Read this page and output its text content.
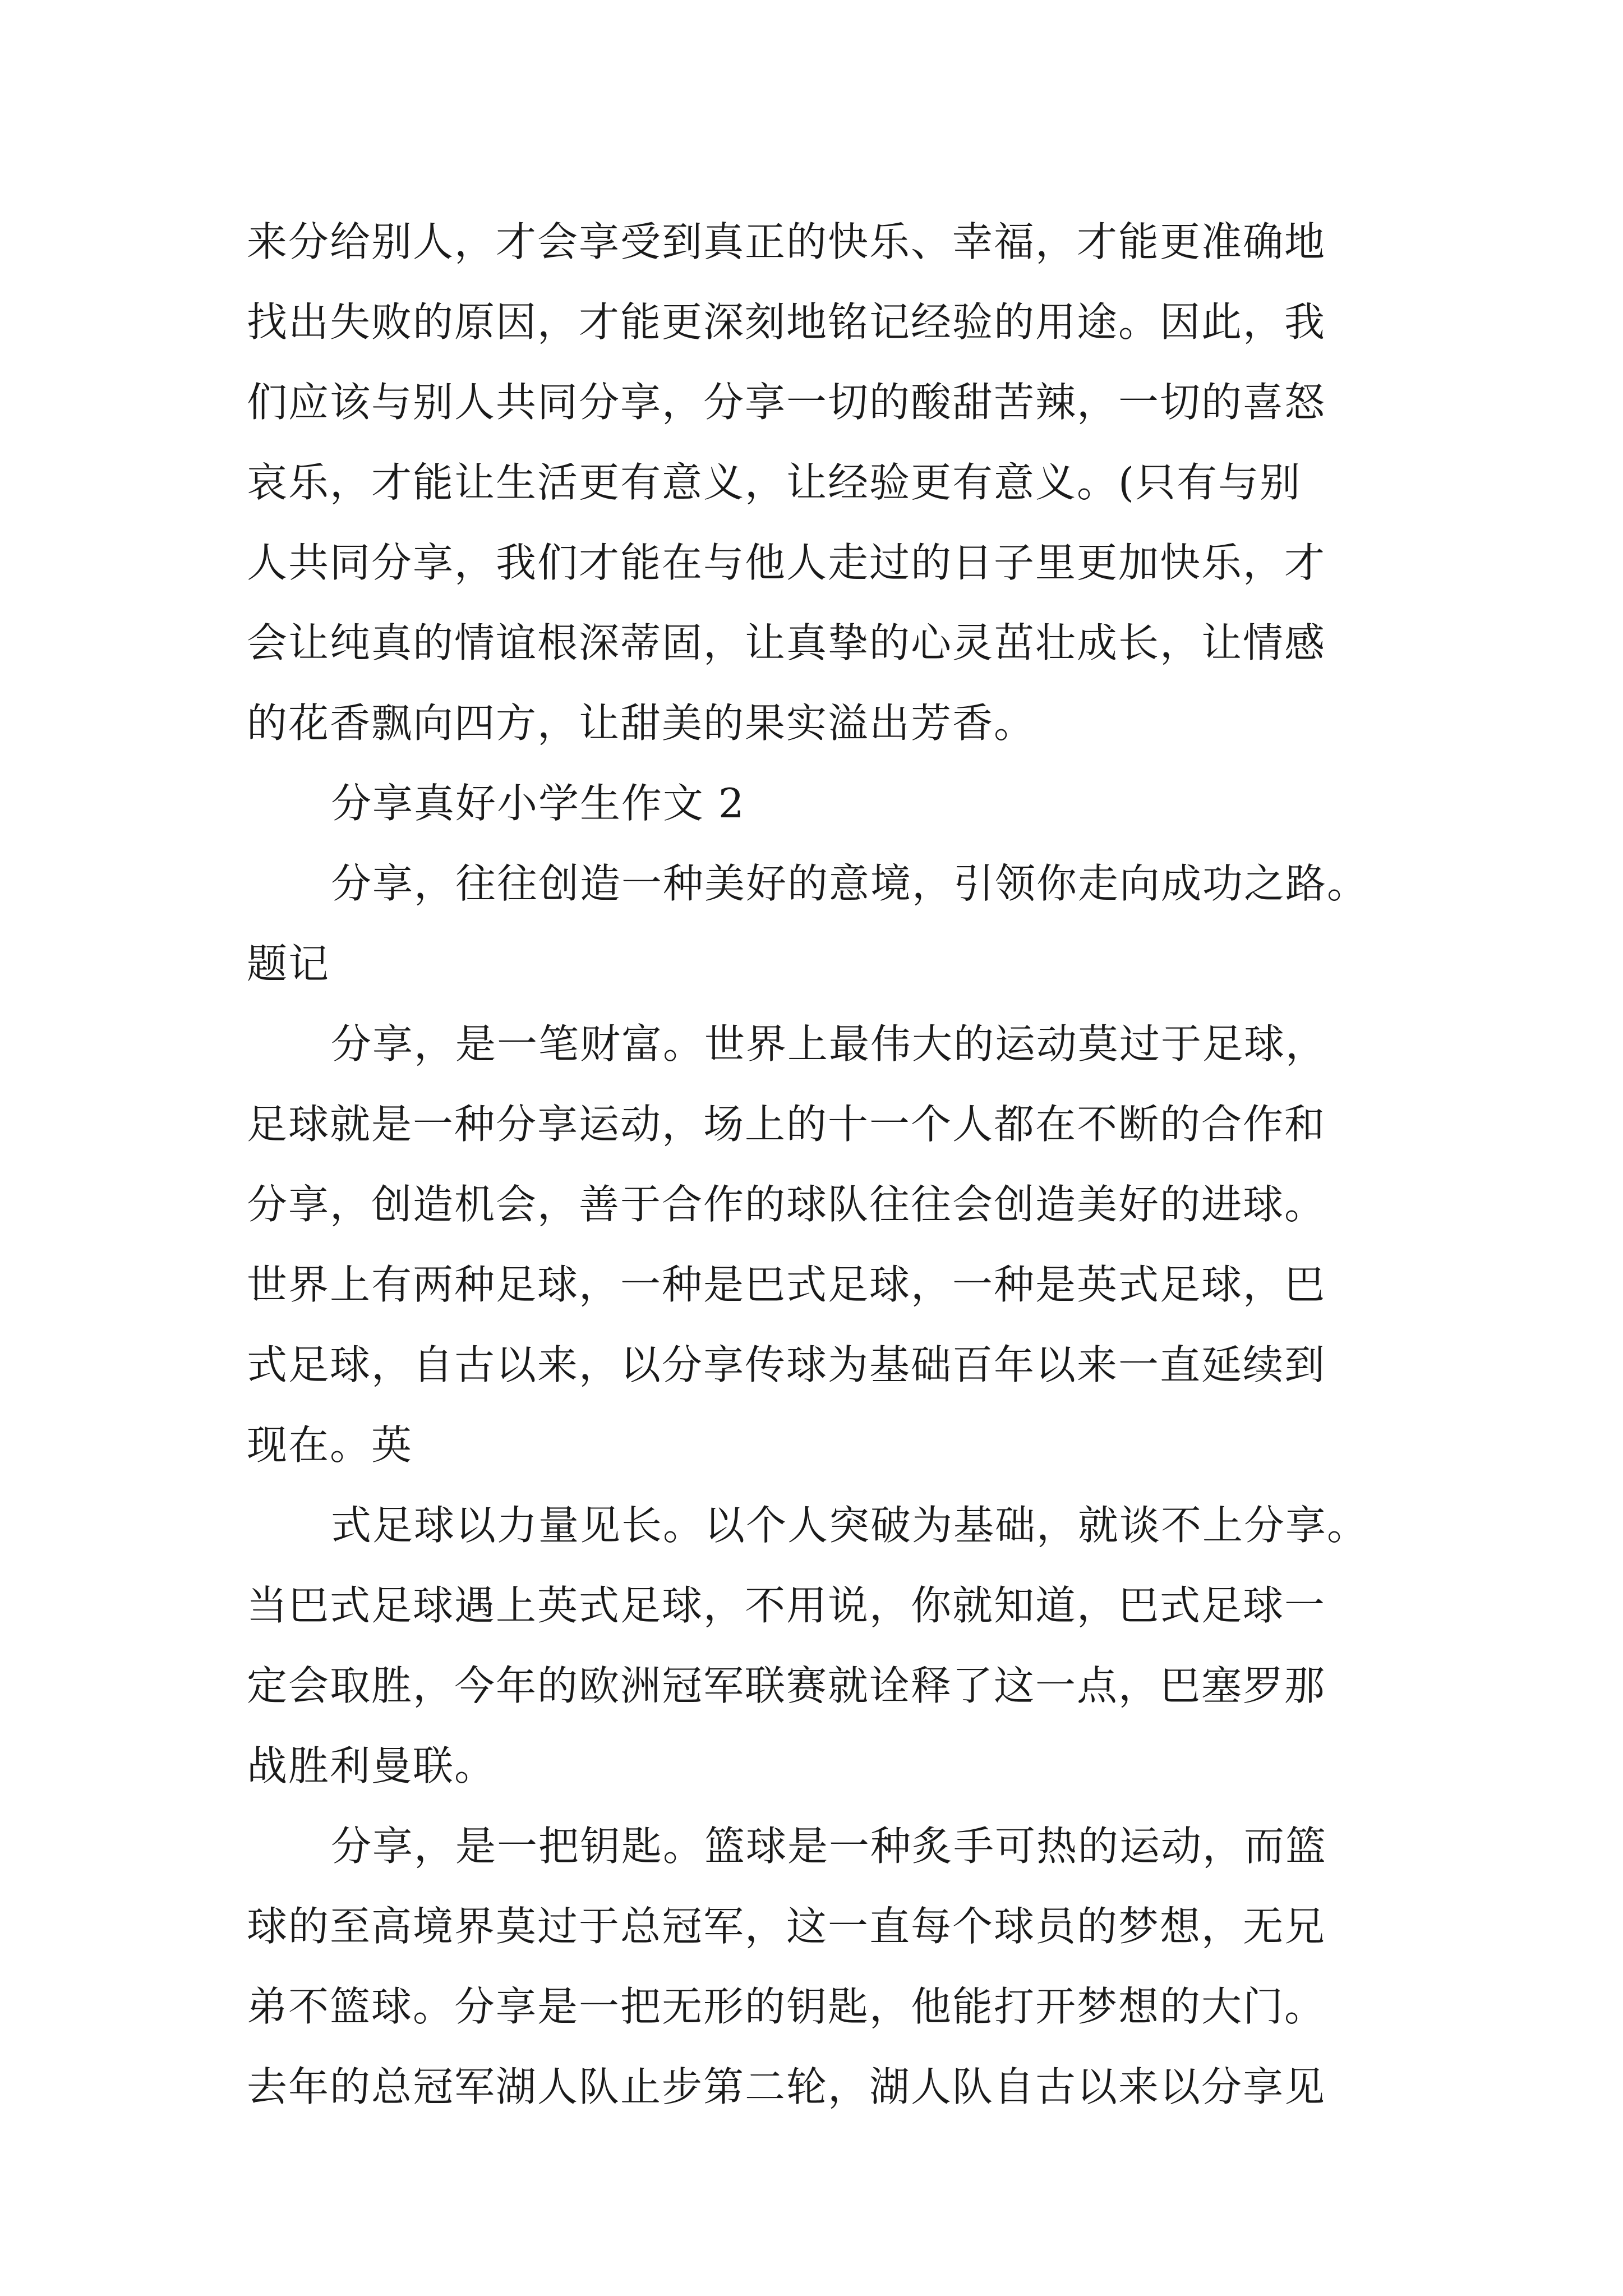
来分给别人，才会享受到真正的快乐、幸福，才能更准确地
找出失败的原因，才能更深刻地铭记经验的用途。因此，我
们应该与别人共同分享，分享一切的酸甜苦辣，一切的喜怒
哀乐，才能让生活更有意义，让经验更有意义。(只有与别
人共同分享，我们才能在与他人走过的日子里更加快乐，才
会让纯真的情谊根深蒂固，让真挚的心灵茁壮成长，让情感
的花香飘向四方，让甜美的果实溢出芳香。
分享真好小学生作文 2
分享，往往创造一种美好的意境，引领你走向成功之路。
题记
分享，是一笔财富。世界上最伟大的运动莫过于足球，
足球就是一种分享运动，场上的十一个人都在不断的合作和
分享，创造机会，善于合作的球队往往会创造美好的进球。
世界上有两种足球，一种是巴式足球，一种是英式足球，巴
式足球，自古以来，以分享传球为基础百年以来一直延续到
现在。英
式足球以力量见长。以个人突破为基础，就谈不上分享。
当巴式足球遇上英式足球，不用说，你就知道，巴式足球一
定会取胜，今年的欧洲冠军联赛就诠释了这一点，巴塞罗那
战胜利曼联。
分享，是一把钥匙。篮球是一种炙手可热的运动，而篮
球的至高境界莫过于总冠军，这一直每个球员的梦想，无兄
弟不篮球。分享是一把无形的钥匙，他能打开梦想的大门。
去年的总冠军湖人队止步第二轮，湖人队自古以来以分享见
